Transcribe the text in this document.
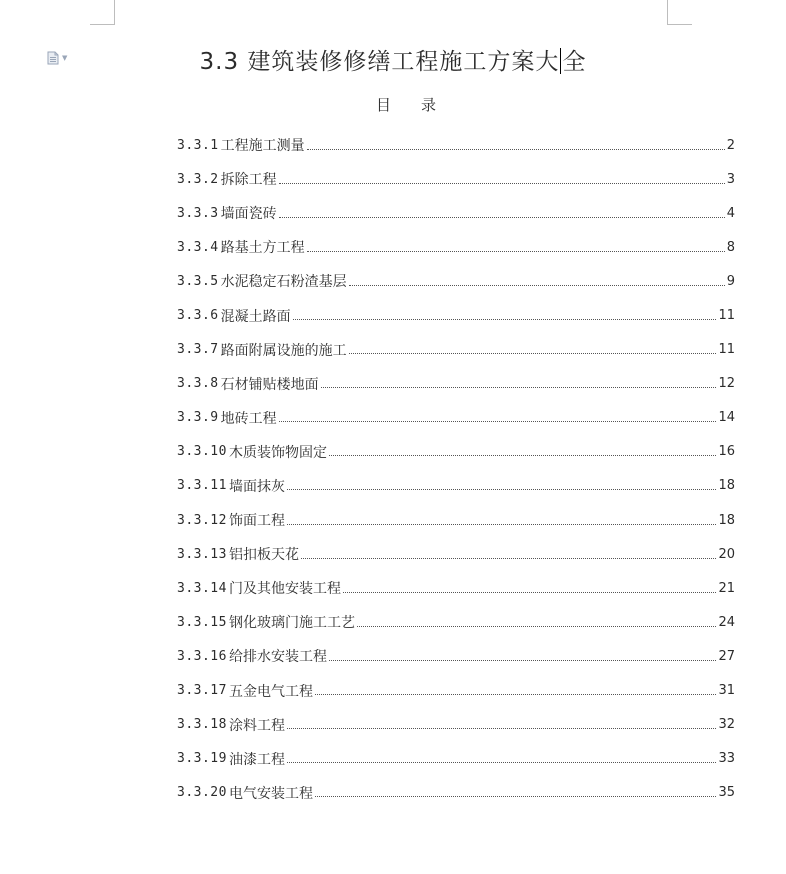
▼	3.3 建筑装修修缮工程施工方案大 全
目 录
3.3.1 工程施工测量	2
3.3.2 拆除工程	3
3.3.3 墙面瓷砖	4
3.3.4 路基土方工程	8
3.3.5 水泥稳定石粉渣基层	9
3.3.6 混凝土路面	11
3.3.7 路面附属设施的施工	11
3.3.8 石材铺贴楼地面	12
3.3.9 地砖工程	14
3.3.10 木质装饰物固定	16
3.3.11 墙面抹灰	18
3.3.12 饰面工程	18
3.3.13 铝扣板天花	20
3.3.14 门及其他安装工程	21
3.3.15 钢化玻璃门施工工艺	24
3.3.16 给排水安装工程	27
3.3.17 五金电气工程	31
3.3.18 涂料工程	32
3.3.19 油漆工程	33
3.3.20 电气安装工程	35
